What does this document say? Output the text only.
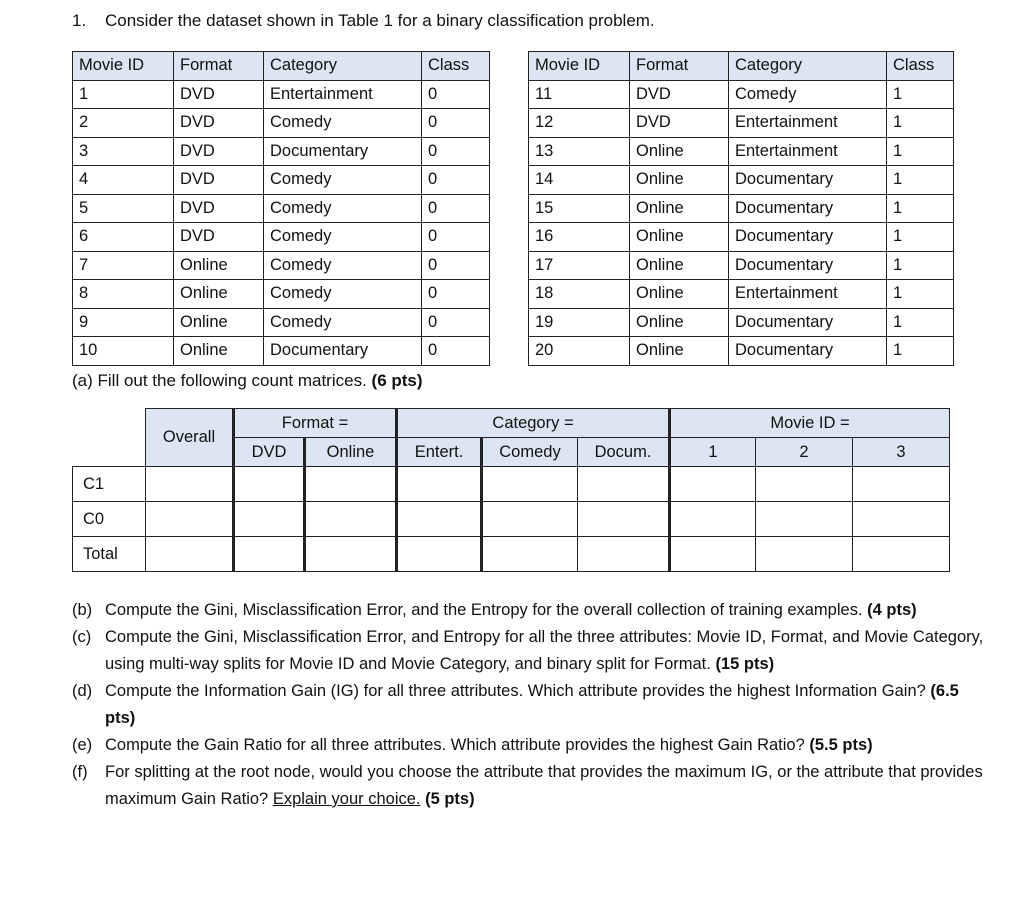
1. Consider the dataset shown in Table 1 for a binary classification problem.
Movie ID	Format	Category	Class
1	DVD	Entertainment	0
2	DVD	Comedy	0
3	DVD	Documentary	0
4	DVD	Comedy	0
5	DVD	Comedy	0
6	DVD	Comedy	0
7	Online	Comedy	0
8	Online	Comedy	0
9	Online	Comedy	0
10	Online	Documentary	0
Movie ID	Format	Category	Class
11	DVD	Comedy	1
12	DVD	Entertainment	1
13	Online	Entertainment	1
14	Online	Documentary	1
15	Online	Documentary	1
16	Online	Documentary	1
17	Online	Documentary	1
18	Online	Entertainment	1
19	Online	Documentary	1
20	Online	Documentary	1
(a) Fill out the following count matrices. (6 pts)
	Overall	Format =		Category =			Movie ID =		
		DVD	Online	Entert.	Comedy	Docum.	1	2	3
C1									
C0									
Total									
(b) Compute the Gini, Misclassification Error, and the Entropy for the overall collection of training examples. (4 pts)
(c) Compute the Gini, Misclassification Error, and Entropy for all the three attributes: Movie ID, Format, and Movie Category, using multi-way splits for Movie ID and Movie Category, and binary split for Format. (15 pts)
(d) Compute the Information Gain (IG) for all three attributes. Which attribute provides the highest Information Gain? (6.5 pts)
(e) Compute the Gain Ratio for all three attributes. Which attribute provides the highest Gain Ratio? (5.5 pts)
(f) For splitting at the root node, would you choose the attribute that provides the maximum IG, or the attribute that provides maximum Gain Ratio? Explain your choice. (5 pts)
